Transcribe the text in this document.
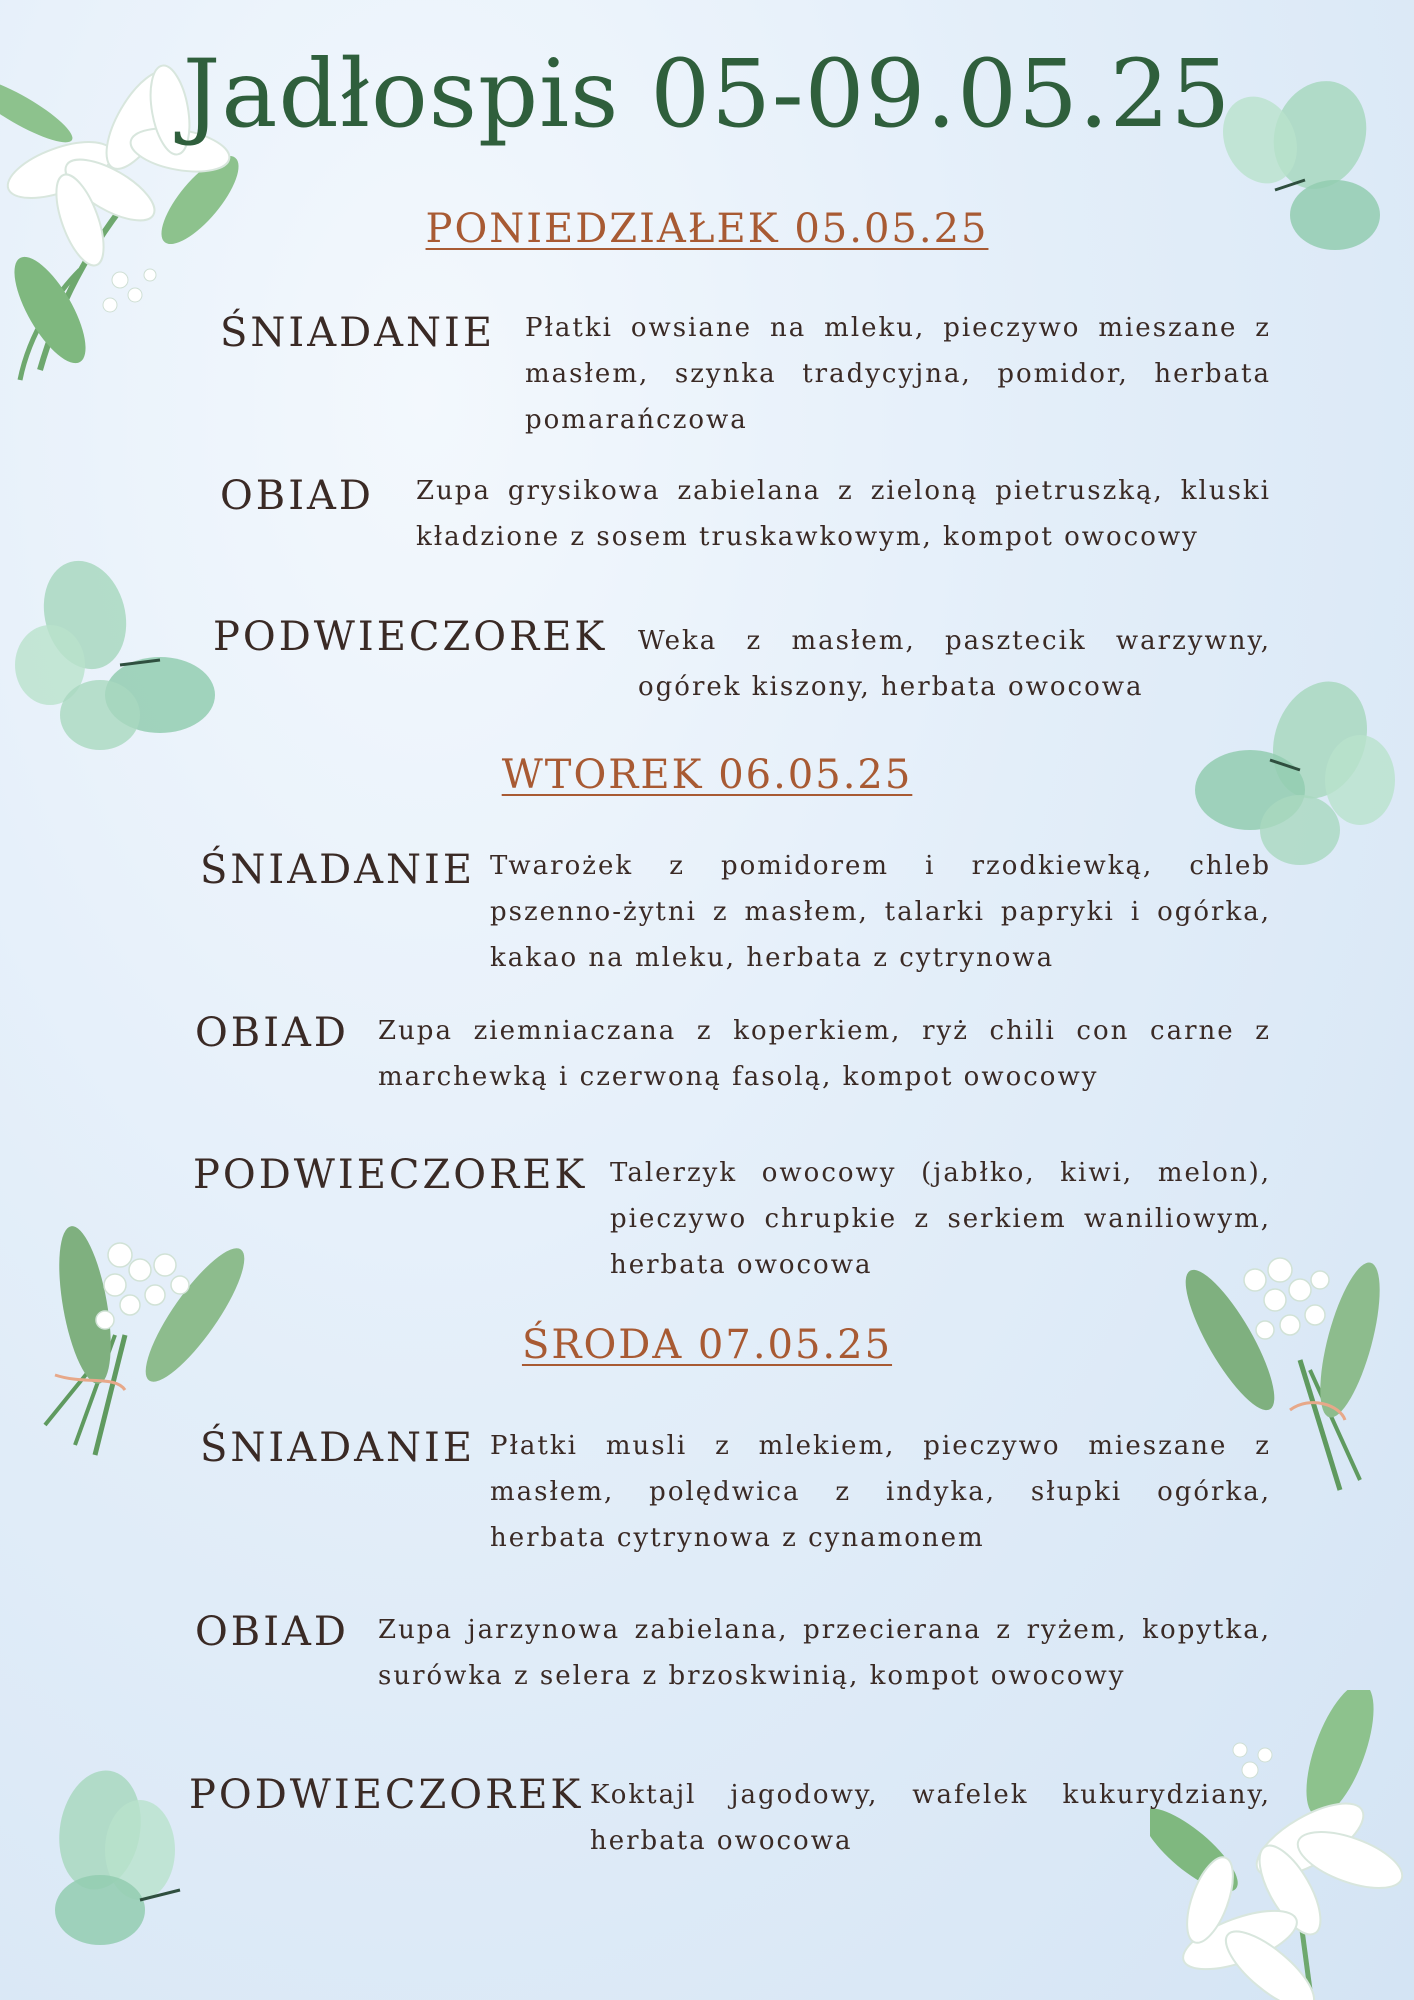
Jadłospis 05-09.05.25
PONIEDZIAŁEK 05.05.25
ŚNIADANIE Płatki owsiane na mleku, pieczywo mieszane z masłem, szynka tradycyjna, pomidor, herbata pomarańczowa
OBIAD Zupa grysikowa zabielana z zieloną pietruszką, kluski kładzione z sosem truskawkowym, kompot owocowy
PODWIECZOREK Weka z masłem, pasztecik warzywny, ogórek kiszony, herbata owocowa
WTOREK 06.05.25
ŚNIADANIE Twarożek z pomidorem i rzodkiewką, chleb pszenno-żytni z masłem, talarki papryki i ogórka, kakao na mleku, herbata z cytrynowa
OBIAD Zupa ziemniaczana z koperkiem, ryż chili con carne z marchewką i czerwoną fasolą, kompot owocowy
PODWIECZOREK Talerzyk owocowy (jabłko, kiwi, melon), pieczywo chrupkie z serkiem waniliowym, herbata owocowa
ŚRODA 07.05.25
ŚNIADANIE Płatki musli z mlekiem, pieczywo mieszane z masłem, polędwica z indyka, słupki ogórka, herbata cytrynowa z cynamonem
OBIAD Zupa jarzynowa zabielana, przecierana z ryżem, kopytka, surówka z selera z brzoskwinią, kompot owocowy
PODWIECZOREK Koktajl jagodowy, wafelek kukurydziany, herbata owocowa
